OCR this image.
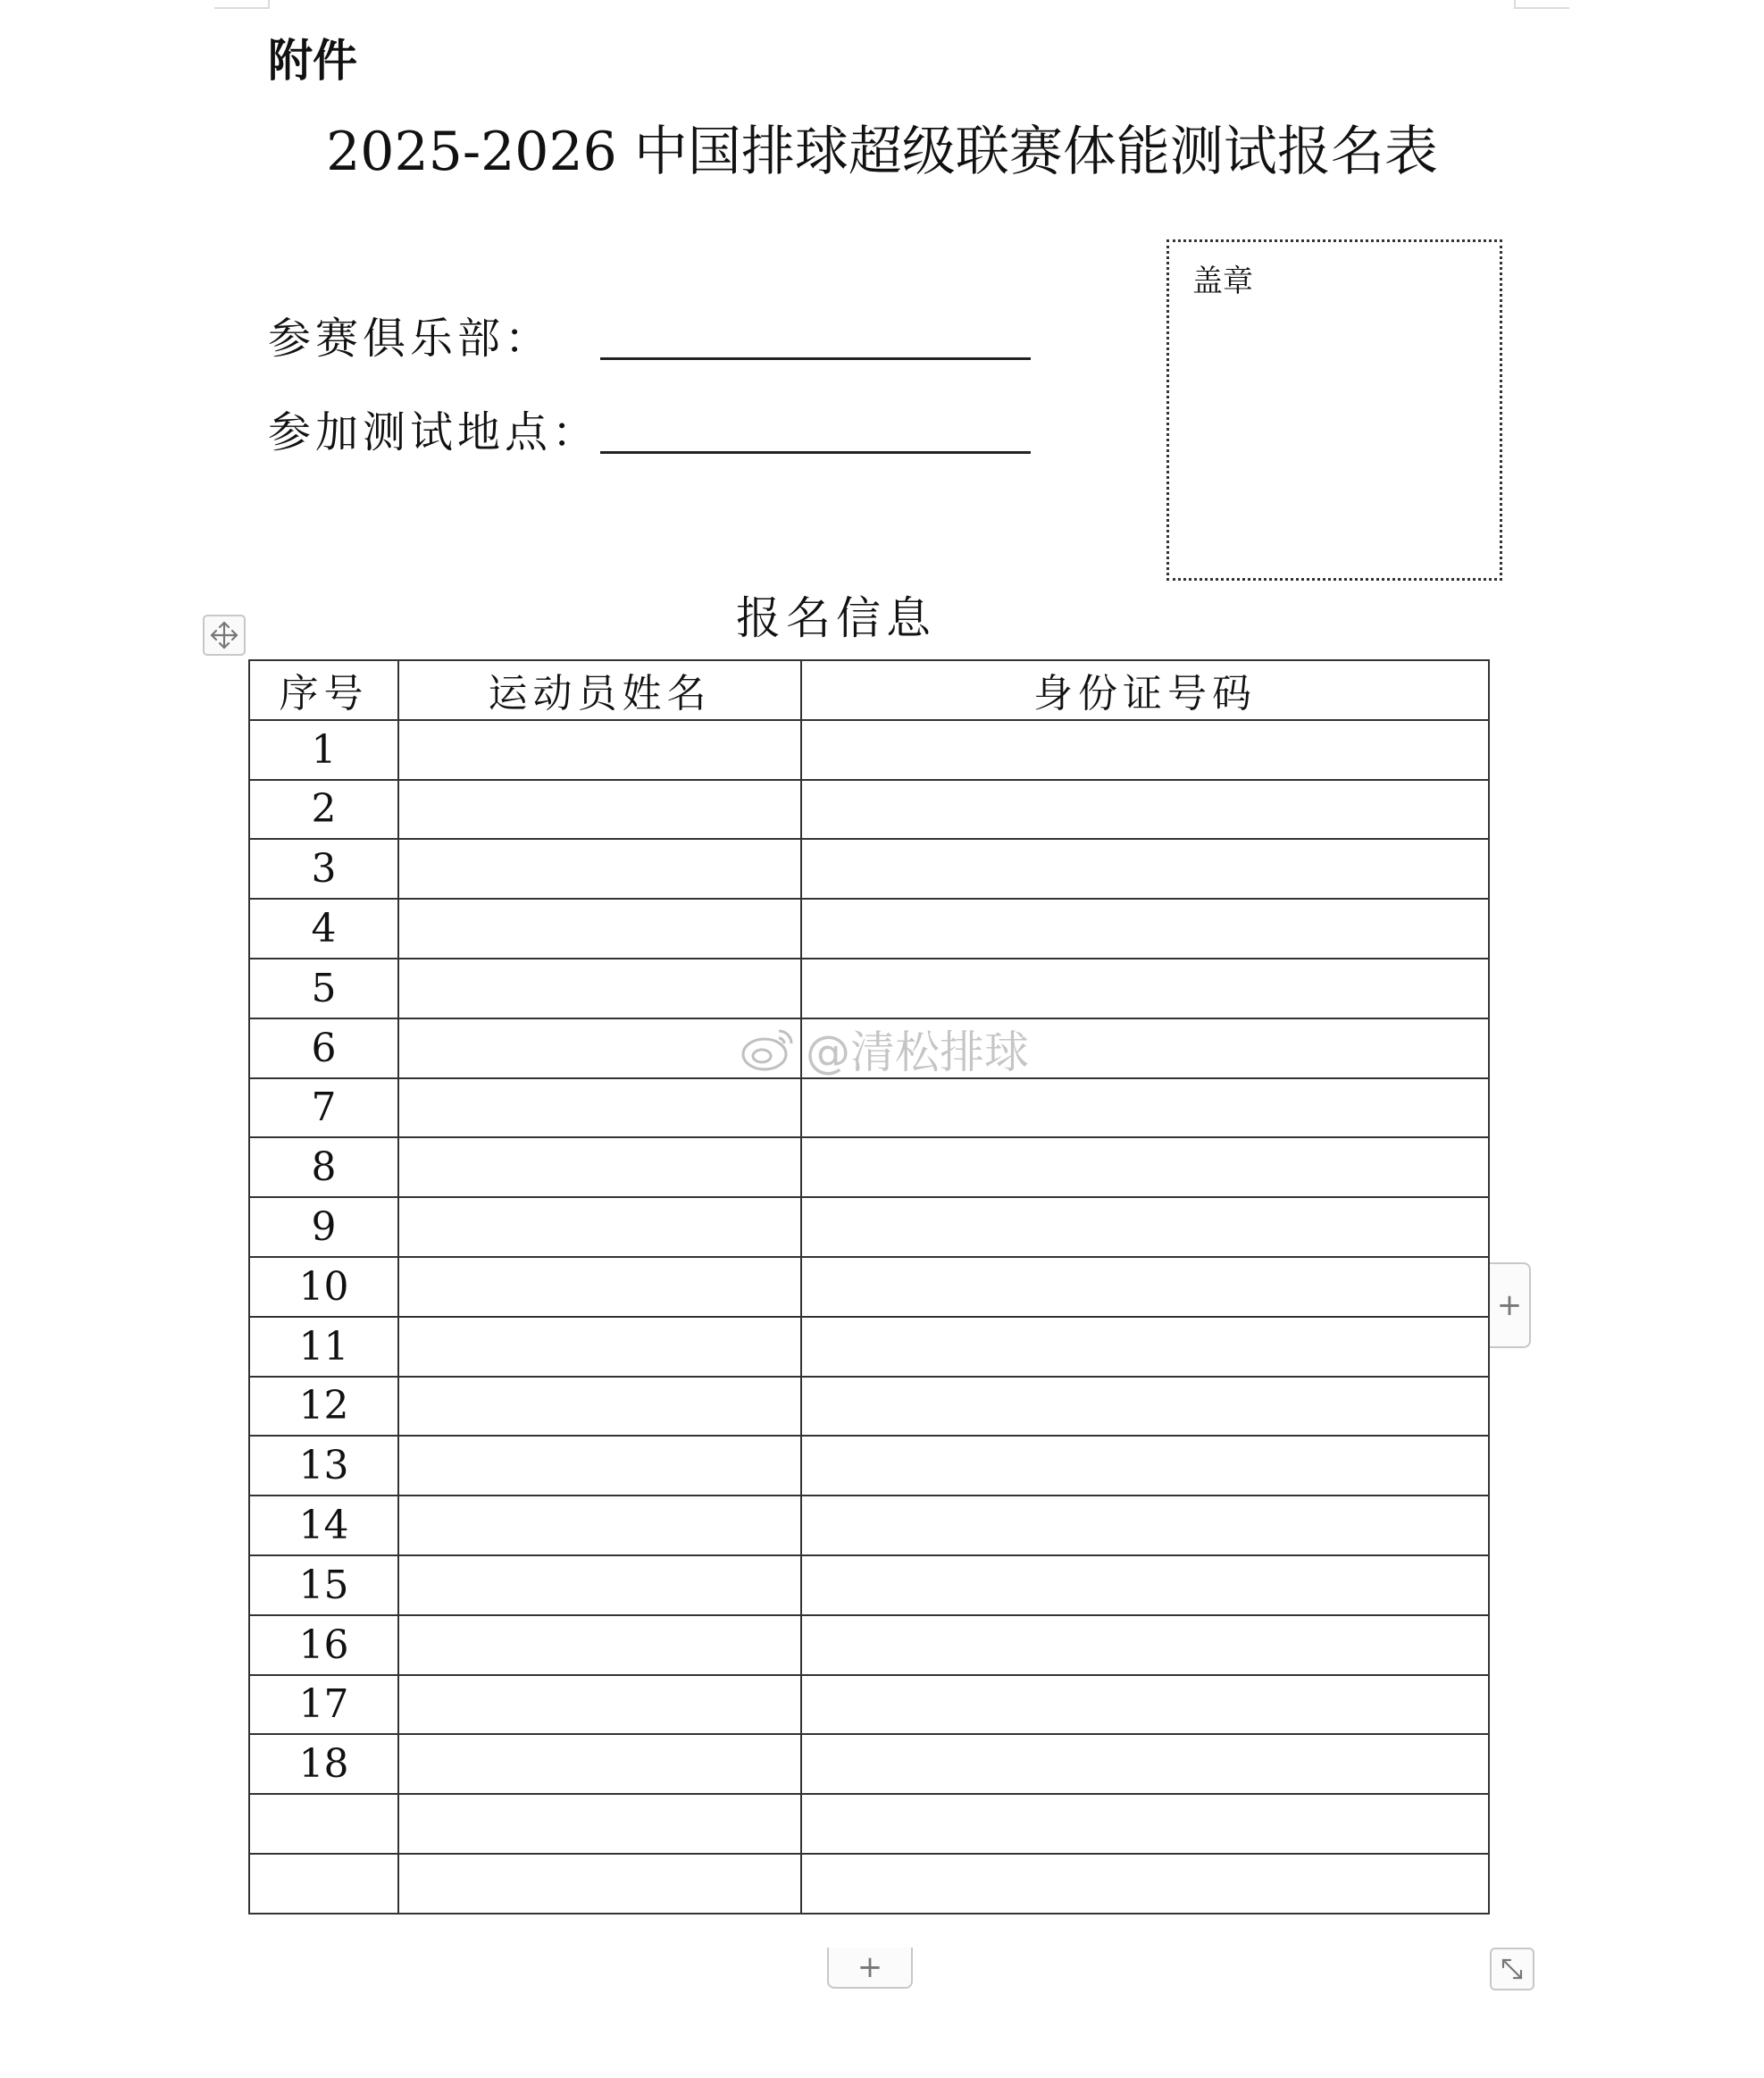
附件
2025-2026 中国排球超级联赛体能测试报名表
参赛俱乐部：
参加测试地点：
盖章
报名信息
序号	运动员姓名	身份证号码
1		
2		
3		
4		
5		
6		
7		
8		
9		
10		
11		
12		
13		
14		
15		
16		
17		
18		

+
+
@清松排球
